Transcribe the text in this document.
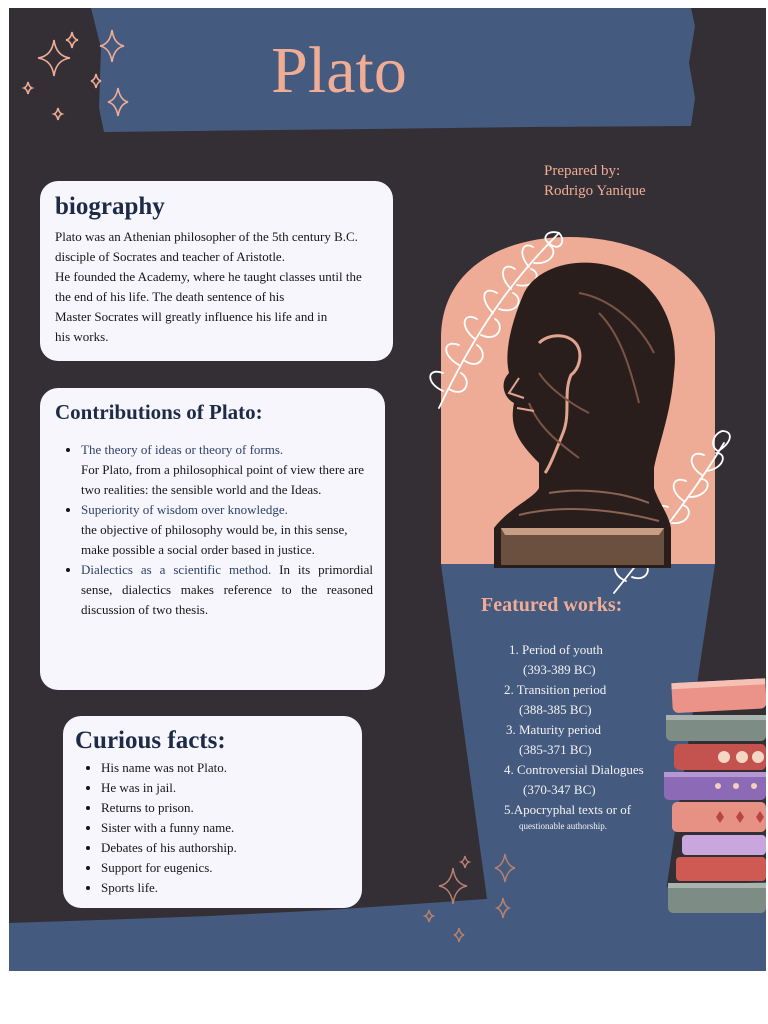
Plato
Prepared by:
Rodrigo Yanique
biography

Plato was an Athenian philosopher of the 5th century B.C.
disciple of Socrates and teacher of Aristotle.
He founded the Academy, where he taught classes until the
the end of his life. The death sentence of his
Master Socrates will greatly influence his life and in
his works.

Contributions of Plato:
• The theory of ideas or theory of forms.
For Plato, from a philosophical point of view there are two realities: the sensible world and the Ideas.
• Superiority of wisdom over knowledge.
the objective of philosophy would be, in this sense, make possible a social order based in justice.
• Dialectics as a scientific method. In its primordial sense, dialectics makes reference to the reasoned discussion of two thesis.
Curious facts:
• His name was not Plato.
• He was in jail.
• Returns to prison.
• Sister with a funny name.
• Debates of his authorship.
• Support for eugenics.
• Sports life.
Featured works:
1. Period of youth
(393-389 BC)
2. Transition period
(388-385 BC)
3. Maturity period
(385-371 BC)
4. Controversial Dialogues
(370-347 BC)
5.Apocryphal texts or of
questionable authorship.
